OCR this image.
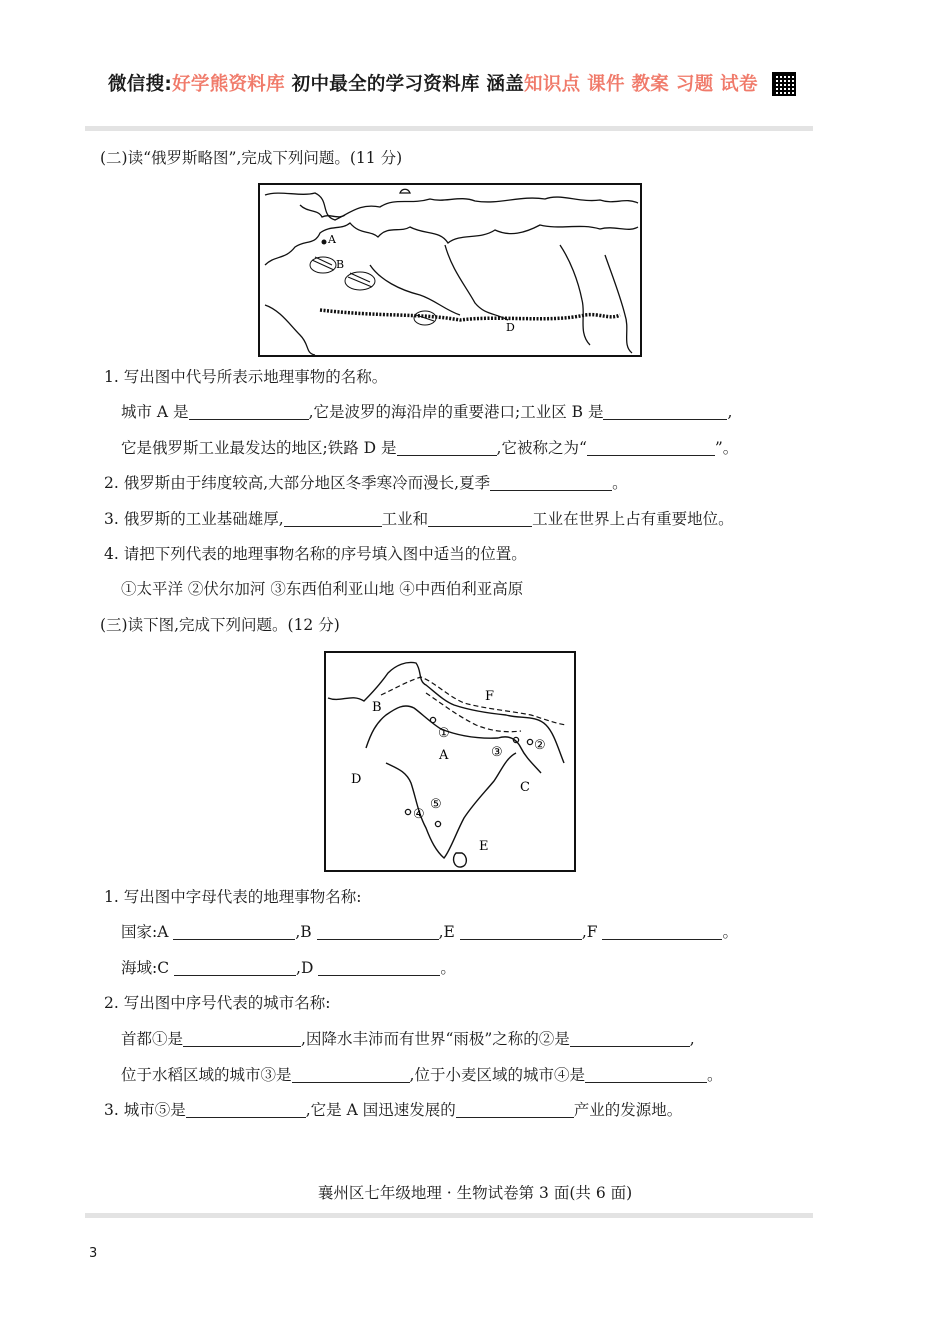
微信搜:好学熊资料库 初中最全的学习资料库 涵盖知识点 课件 教案 习题 试卷
(二)读“俄罗斯略图”,完成下列问题。(11 分)
A
B
D
1. 写出图中代号所表示地理事物的名称。
城市 A 是	,它是波罗的海沿岸的重要港口;工业区 B 是	,
它是俄罗斯工业最发达的地区;铁路 D 是	,它被称之为“	”。
2. 俄罗斯由于纬度较高,大部分地区冬季寒冷而漫长,夏季	。
3. 俄罗斯的工业基础雄厚,	工业和	工业在世界上占有重要地位。
4. 请把下列代表的地理事物名称的序号填入图中适当的位置。
①太平洋 ②伏尔加河 ③东西伯利亚山地 ④中西伯利亚高原
(三)读下图,完成下列问题。(12 分)
①
②
③
④
⑤
A
B
C
D
E
F
1. 写出图中字母代表的地理事物名称:
国家:A	,B	,E	,F	。
海域:C	,D	。
2. 写出图中序号代表的城市名称:
首都①是	,因降水丰沛而有世界“雨极”之称的②是	,
位于水稻区域的城市③是	,位于小麦区域的城市④是	。
3. 城市⑤是	,它是 A 国迅速发展的	产业的发源地。
襄州区七年级地理 · 生物试卷第 3 面(共 6 面)
3
